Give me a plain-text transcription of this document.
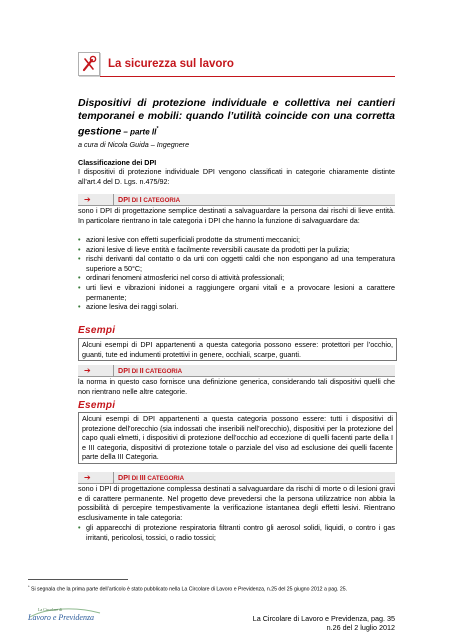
La sicurezza sul lavoro
Dispositivi di protezione individuale e collettiva nei cantieri temporanei e mobili: quando l’utilità coincide con una corretta gestione – parte II*
a cura di Nicola Guida – Ingegnere
Classificazione dei DPI
I dispositivi di protezione individuale DPI vengono classificati in categorie chiaramente distinte all’art.4 del D. Lgs. n.475/92:
➔	DPI DI I CATEGORIA
sono i DPI di progettazione semplice destinati a salvaguardare la persona dai rischi di lieve entità. In particolare rientrano in tale categoria i DPI che hanno la funzione di salvaguardare da:
• azioni lesive con effetti superficiali prodotte da strumenti meccanici;
• azioni lesive di lieve entità e facilmente reversibili causate da prodotti per la pulizia;
• rischi derivanti dal contatto o da urti con oggetti caldi che non espongano ad una temperatura superiore a 50°C;
• ordinari fenomeni atmosferici nel corso di attività professionali;
• urti lievi e vibrazioni inidonei a raggiungere organi vitali e a provocare lesioni a carattere permanente;
• azione lesiva dei raggi solari.
Esempi
Alcuni esempi di DPI appartenenti a questa categoria possono essere: protettori per l’occhio, guanti, tute ed indumenti protettivi in genere, occhiali, scarpe, guanti.
➔	DPI DI II CATEGORIA
la norma in questo caso fornisce una definizione generica, considerando tali dispositivi quelli che non rientrano nelle altre categorie.
Esempi
Alcuni esempi di DPI appartenenti a questa categoria possono essere: tutti i dispositivi di protezione dell’orecchio (sia indossati che inseribili nell’orecchio), dispositivi per la protezione del capo quali elmetti, i dispositivi di protezione dell’occhio ad eccezione di quelli facenti parte della I e III categoria, dispositivi di protezione totale o parziale del viso ad esclusione dei quelli facente parte della III Categoria.
➔	DPI DI III CATEGORIA
sono i DPI di progettazione complessa destinati a salvaguardare da rischi di morte o di lesioni gravi e di carattere permanente. Nel progetto deve prevedersi che la persona utilizzatrice non abbia la possibilità di percepire tempestivamente la verificazione istantanea degli effetti lesivi. Rientrano esclusivamente in tale categoria:
• gli apparecchi di protezione respiratoria filtranti contro gli aerosol solidi, liquidi, o contro i gas irritanti, pericolosi, tossici, o radio tossici;
* Si segnala che la prima parte dell’articolo è stato pubblicato nella La Circolare di Lavoro e Previdenza, n.25 del 25 giugno 2012 a pag. 25.
La Circolare di
Lavoro e Previdenza	La Circolare di Lavoro e Previdenza, pag. 35
n.26 del 2 luglio 2012
